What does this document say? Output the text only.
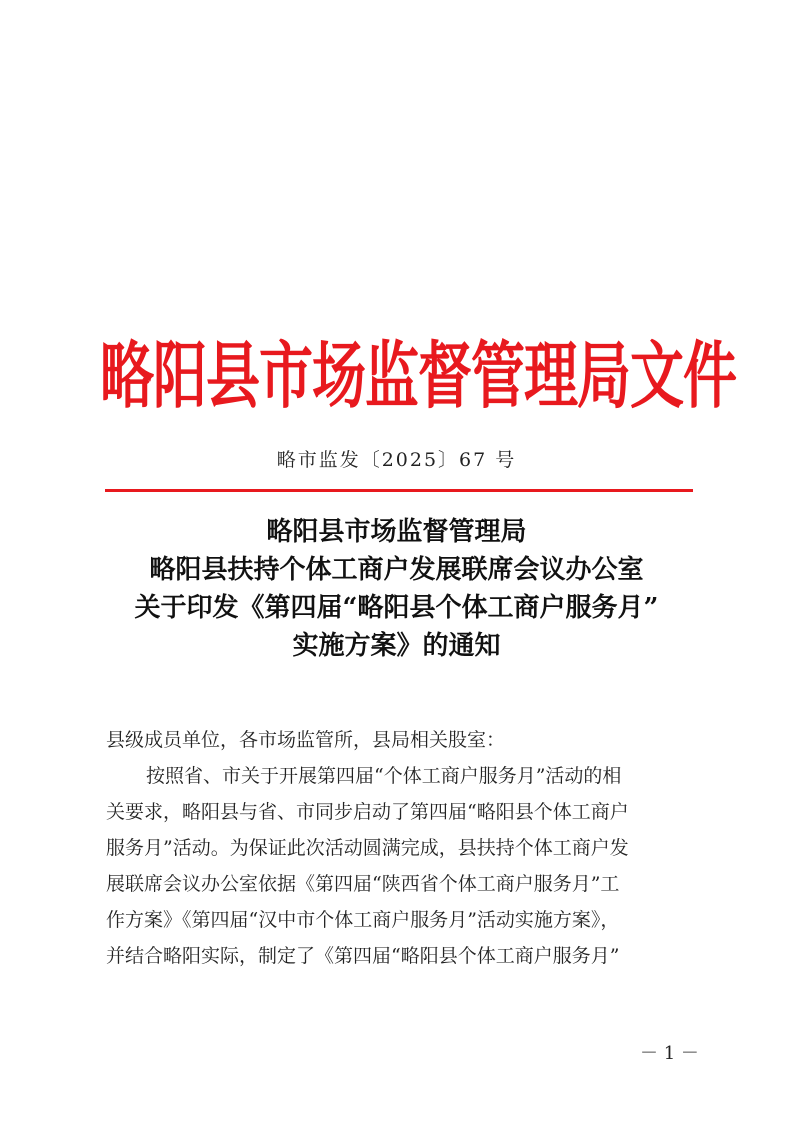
略阳县市场监督管理局文件
略市监发〔2025〕67 号
略阳县市场监督管理局
略阳县扶持个体工商户发展联席会议办公室
关于印发《第四届“略阳县个体工商户服务月”
实施方案》的通知
县级成员单位，各市场监管所，县局相关股室：
按照省、市关于开展第四届“个体工商户服务月”活动的相
关要求，略阳县与省、市同步启动了第四届“略阳县个体工商户
服务月”活动。为保证此次活动圆满完成，县扶持个体工商户发
展联席会议办公室依据《第四届“陕西省个体工商户服务月”工
作方案》《第四届“汉中市个体工商户服务月”活动实施方案》，
并结合略阳实际，制定了《第四届“略阳县个体工商户服务月”
－ 1 －
